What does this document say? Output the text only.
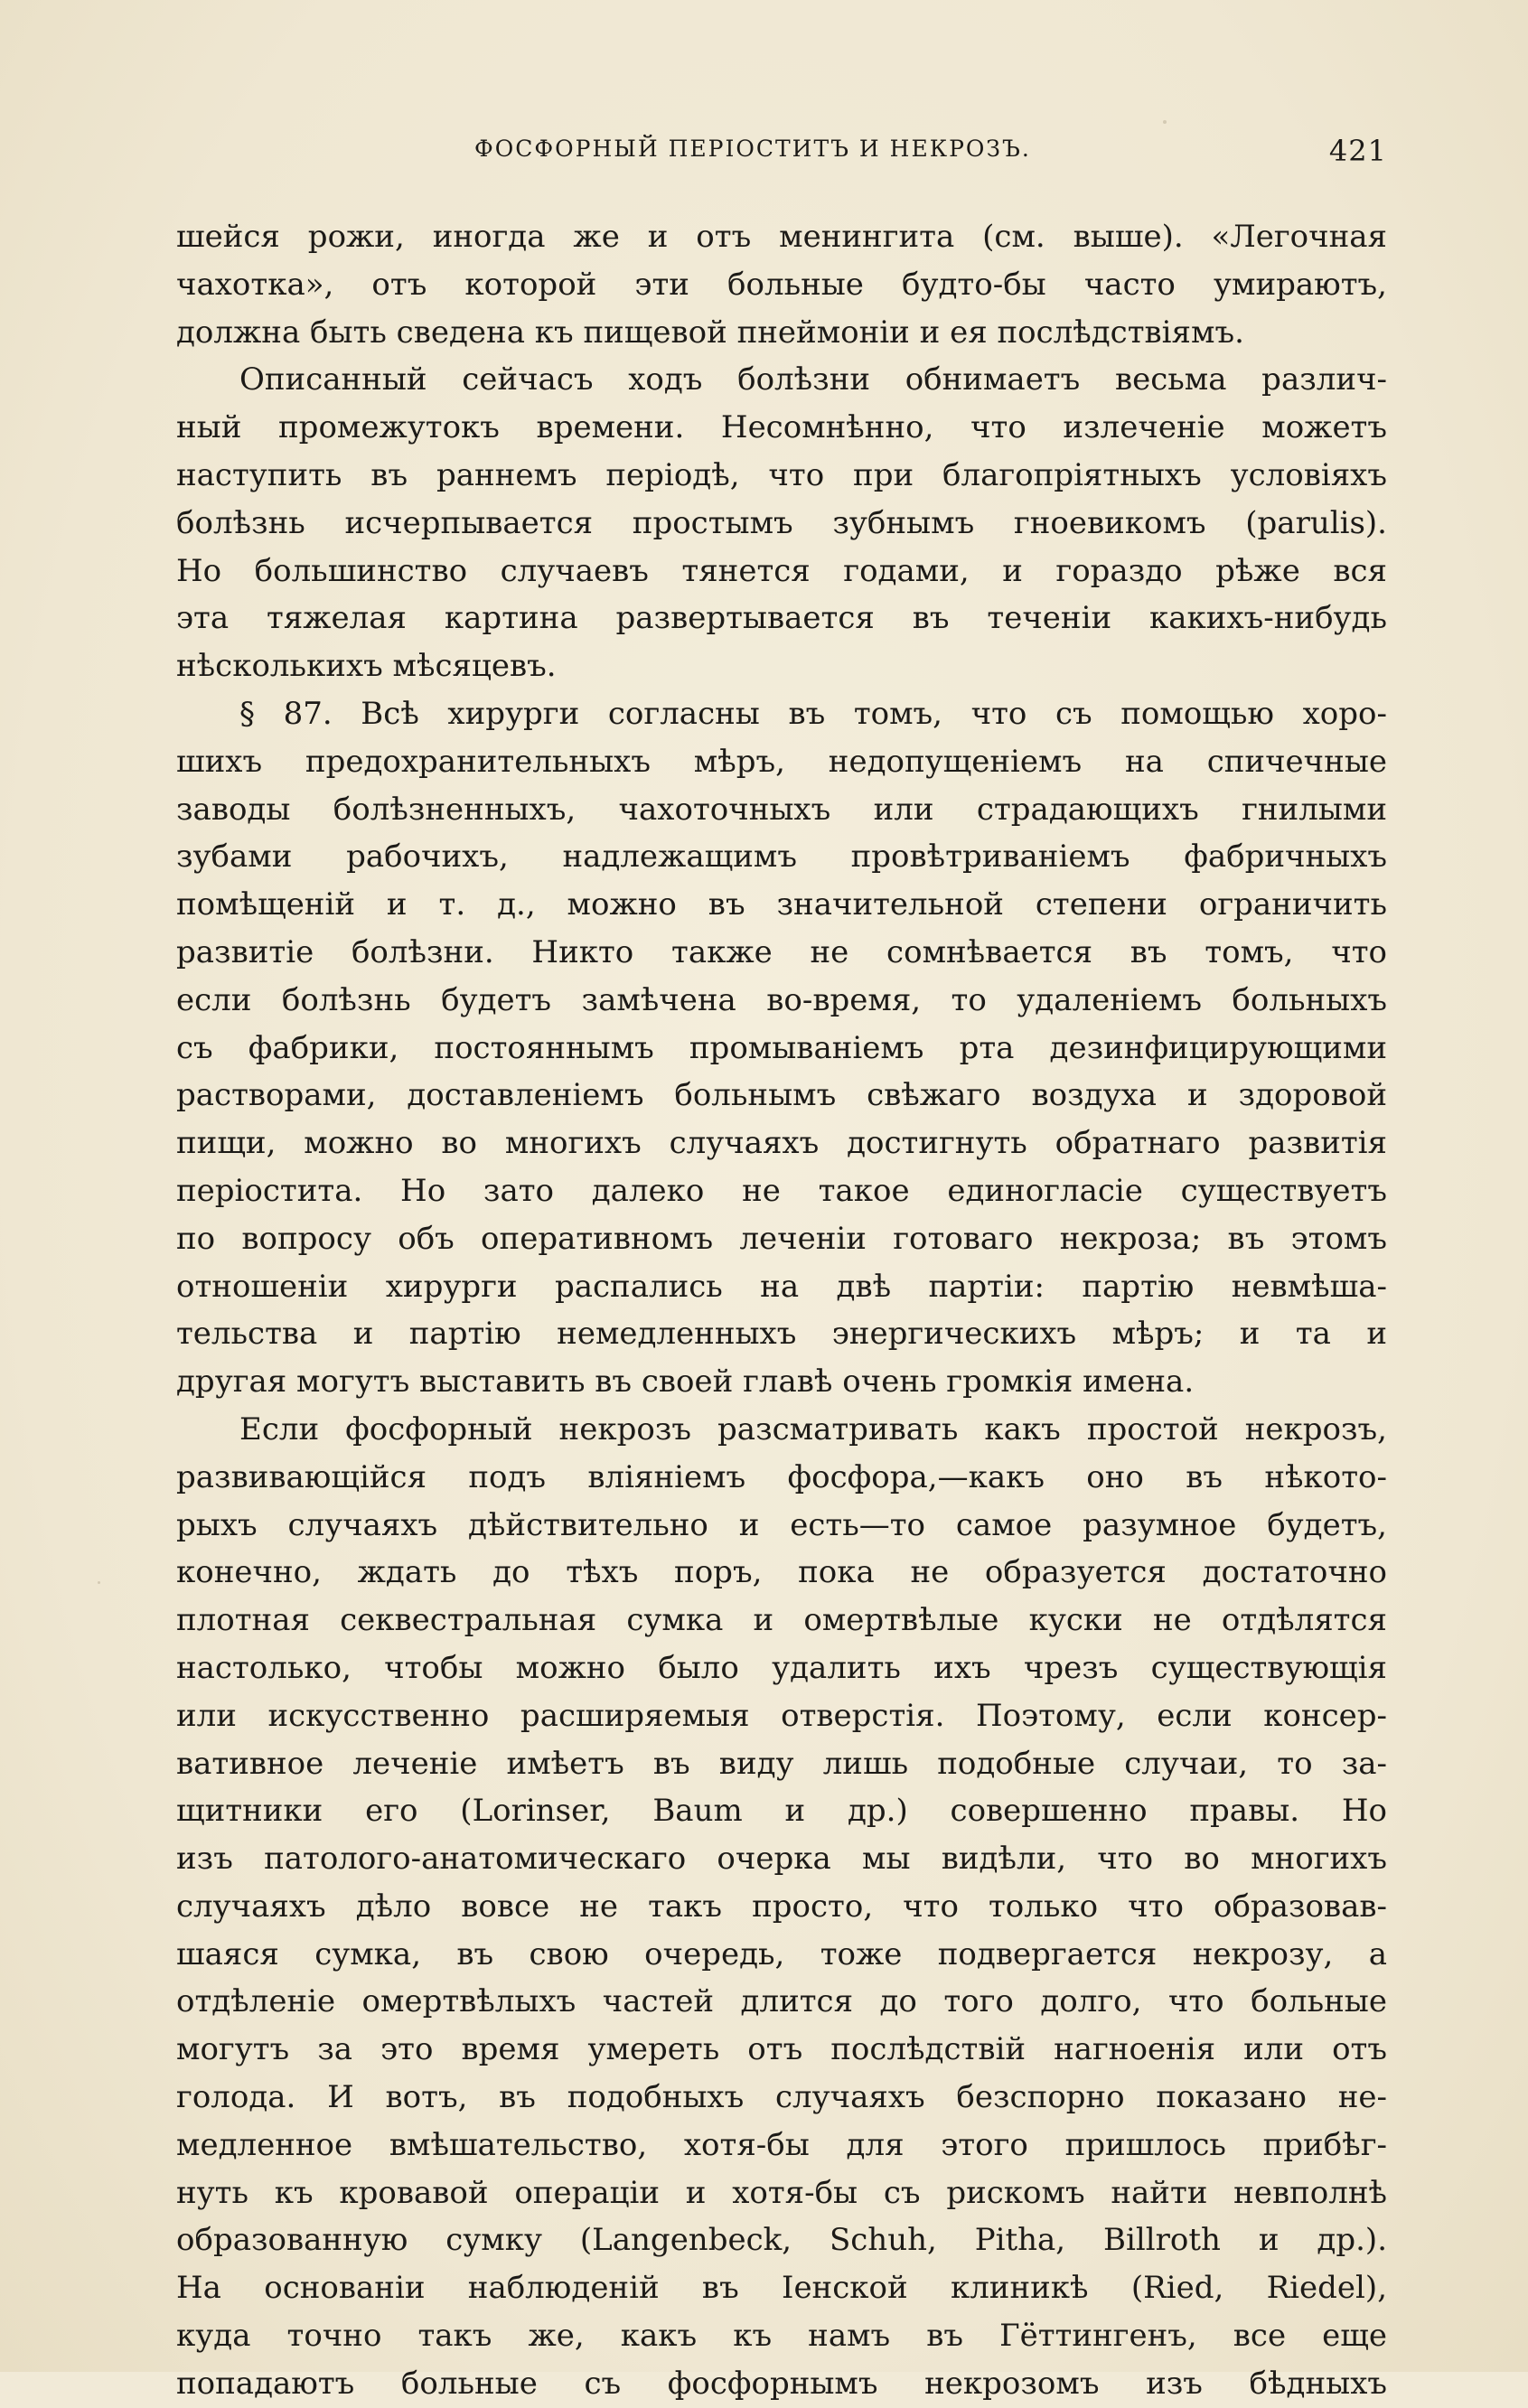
ФОСФОРНЫЙ ПЕРІОСТИТЪ И НЕКРОЗЪ.	421
шейся рожи, иногда же и отъ менингита (см. выше). «Легочная
чахотка», отъ которой эти больные будто-бы часто умираютъ,
должна быть сведена къ пищевой пнеймоніи и ея послѣдствіямъ.
Описанный сейчасъ ходъ болѣзни обнимаетъ весьма различ-
ный промежутокъ времени. Несомнѣнно, что излеченіе можетъ
наступить въ раннемъ періодѣ, что при благопріятныхъ условіяхъ
болѣзнь исчерпывается простымъ зубнымъ гноевикомъ (parulis).
Но большинство случаевъ тянется годами, и гораздо рѣже вся
эта тяжелая картина развертывается въ теченіи какихъ-нибудь
нѣсколькихъ мѣсяцевъ.
§ 87. Всѣ хирурги согласны въ томъ, что съ помощью хоро-
шихъ предохранительныхъ мѣръ, недопущеніемъ на спичечные
заводы болѣзненныхъ, чахоточныхъ или страдающихъ гнилыми
зубами рабочихъ, надлежащимъ провѣтриваніемъ фабричныхъ
помѣщеній и т. д., можно въ значительной степени ограничить
развитіе болѣзни. Никто также не сомнѣвается въ томъ, что
если болѣзнь будетъ замѣчена во-время, то удаленіемъ больныхъ
съ фабрики, постояннымъ промываніемъ рта дезинфицирующими
растворами, доставленіемъ больнымъ свѣжаго воздуха и здоровой
пищи, можно во многихъ случаяхъ достигнуть обратнаго развитія
періостита. Но зато далеко не такое единогласіе существуетъ
по вопросу объ оперативномъ леченіи готоваго некроза; въ этомъ
отношеніи хирурги распались на двѣ партіи: партію невмѣша-
тельства и партію немедленныхъ энергическихъ мѣръ; и та и
другая могутъ выставить въ своей главѣ очень громкія имена.
Если фосфорный некрозъ разсматривать какъ простой некрозъ,
развивающійся подъ вліяніемъ фосфора,—какъ оно въ нѣкото-
рыхъ случаяхъ дѣйствительно и есть—то самое разумное будетъ,
конечно, ждать до тѣхъ поръ, пока не образуется достаточно
плотная секвестральная сумка и омертвѣлые куски не отдѣлятся
настолько, чтобы можно было удалить ихъ чрезъ существующія
или искусственно расширяемыя отверстія. Поэтому, если консер-
вативное леченіе имѣетъ въ виду лишь подобные случаи, то за-
щитники его (Lorinser, Baum и др.) совершенно правы. Но
изъ патолого-анатомическаго очерка мы видѣли, что во многихъ
случаяхъ дѣло вовсе не такъ просто, что только что образовав-
шаяся сумка, въ свою очередь, тоже подвергается некрозу, а
отдѣленіе омертвѣлыхъ частей длится до того долго, что больные
могутъ за это время умереть отъ послѣдствій нагноенія или отъ
голода. И вотъ, въ подобныхъ случаяхъ безспорно показано не-
медленное вмѣшательство, хотя-бы для этого пришлось прибѣг-
нуть къ кровавой операціи и хотя-бы съ рискомъ найти невполнѣ
образованную сумку (Langenbeck, Schuh, Pitha, Billroth и др.).
На основаніи наблюденій въ Іенской клиникѣ (Ried, Riedel),
куда точно такъ же, какъ къ намъ въ Гёттингенъ, все еще
попадаютъ больные съ фосфорнымъ некрозомъ изъ бѣдныхъ
